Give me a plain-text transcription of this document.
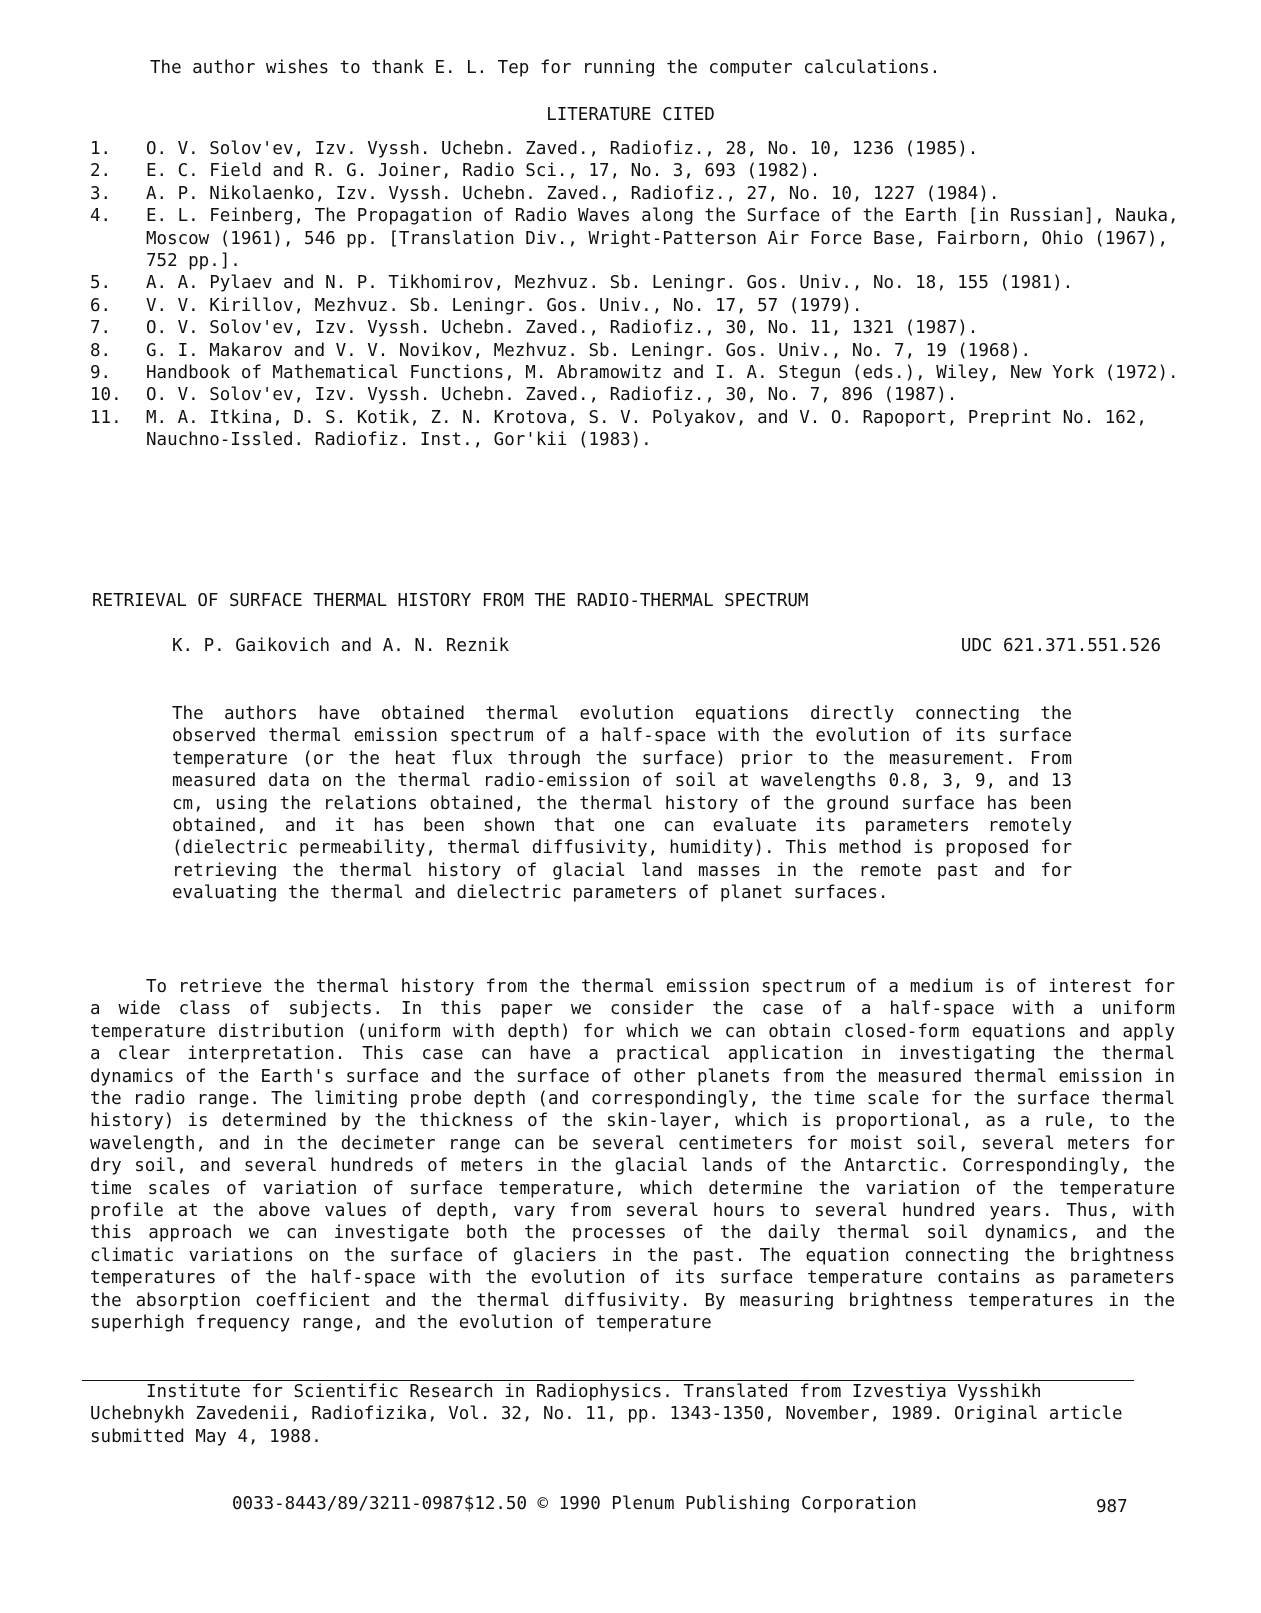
The author wishes to thank E. L. Tep for running the computer calculations.
LITERATURE CITED
1.	O. V. Solov'ev, Izv. Vyssh. Uchebn. Zaved., Radiofiz., 28, No. 10, 1236 (1985).
2.	E. C. Field and R. G. Joiner, Radio Sci., 17, No. 3, 693 (1982).
3.	A. P. Nikolaenko, Izv. Vyssh. Uchebn. Zaved., Radiofiz., 27, No. 10, 1227 (1984).
4.	E. L. Feinberg, The Propagation of Radio Waves along the Surface of the Earth [in Russian], Nauka, Moscow (1961), 546 pp. [Translation Div., Wright-Patterson Air Force Base, Fairborn, Ohio (1967), 752 pp.].
5.	A. A. Pylaev and N. P. Tikhomirov, Mezhvuz. Sb. Leningr. Gos. Univ., No. 18, 155 (1981).
6.	V. V. Kirillov, Mezhvuz. Sb. Leningr. Gos. Univ., No. 17, 57 (1979).
7.	O. V. Solov'ev, Izv. Vyssh. Uchebn. Zaved., Radiofiz., 30, No. 11, 1321 (1987).
8.	G. I. Makarov and V. V. Novikov, Mezhvuz. Sb. Leningr. Gos. Univ., No. 7, 19 (1968).
9.	Handbook of Mathematical Functions, M. Abramowitz and I. A. Stegun (eds.), Wiley, New York (1972).
10.	O. V. Solov'ev, Izv. Vyssh. Uchebn. Zaved., Radiofiz., 30, No. 7, 896 (1987).
11.	M. A. Itkina, D. S. Kotik, Z. N. Krotova, S. V. Polyakov, and V. O. Rapoport, Preprint No. 162, Nauchno-Issled. Radiofiz. Inst., Gor'kii (1983).
RETRIEVAL OF SURFACE THERMAL HISTORY FROM THE RADIO-THERMAL SPECTRUM
K. P. Gaikovich and A. N. Reznik	UDC 621.371.551.526
The authors have obtained thermal evolution equations directly connecting the observed thermal emission spectrum of a half-space with the evolution of its surface temperature (or the heat flux through the surface) prior to the measurement. From measured data on the thermal radio-emission of soil at wavelengths 0.8, 3, 9, and 13 cm, using the relations obtained, the thermal history of the ground surface has been obtained, and it has been shown that one can evaluate its parameters remotely (dielectric permeability, thermal diffusivity, humidity). This method is proposed for retrieving the thermal history of glacial land masses in the remote past and for evaluating the thermal and dielectric parameters of planet surfaces.

To retrieve the thermal history from the thermal emission spectrum of a medium is of interest for a wide class of subjects. In this paper we consider the case of a half-space with a uniform temperature distribution (uniform with depth) for which we can obtain closed-form equations and apply a clear interpretation. This case can have a practical application in investigating the thermal dynamics of the Earth's surface and the surface of other planets from the measured thermal emission in the radio range. The limiting probe depth (and correspondingly, the time scale for the surface thermal history) is determined by the thickness of the skin-layer, which is proportional, as a rule, to the wavelength, and in the decimeter range can be several centimeters for moist soil, several meters for dry soil, and several hundreds of meters in the glacial lands of the Antarctic. Correspondingly, the time scales of variation of surface temperature, which determine the variation of the temperature profile at the above values of depth, vary from several hours to several hundred years. Thus, with this approach we can investigate both the processes of the daily thermal soil dynamics, and the climatic variations on the surface of glaciers in the past. The equation connecting the brightness temperatures of the half-space with the evolution of its surface temperature contains as parameters the absorption coefficient and the thermal diffusivity. By measuring brightness temperatures in the superhigh frequency range, and the evolution of temperature

Institute for Scientific Research in Radiophysics. Translated from Izvestiya Vysshikh Uchebnykh Zavedenii, Radiofizika, Vol. 32, No. 11, pp. 1343-1350, November, 1989. Original article submitted May 4, 1988.

0033-8443/89/3211-0987$12.50 © 1990 Plenum Publishing Corporation	987
